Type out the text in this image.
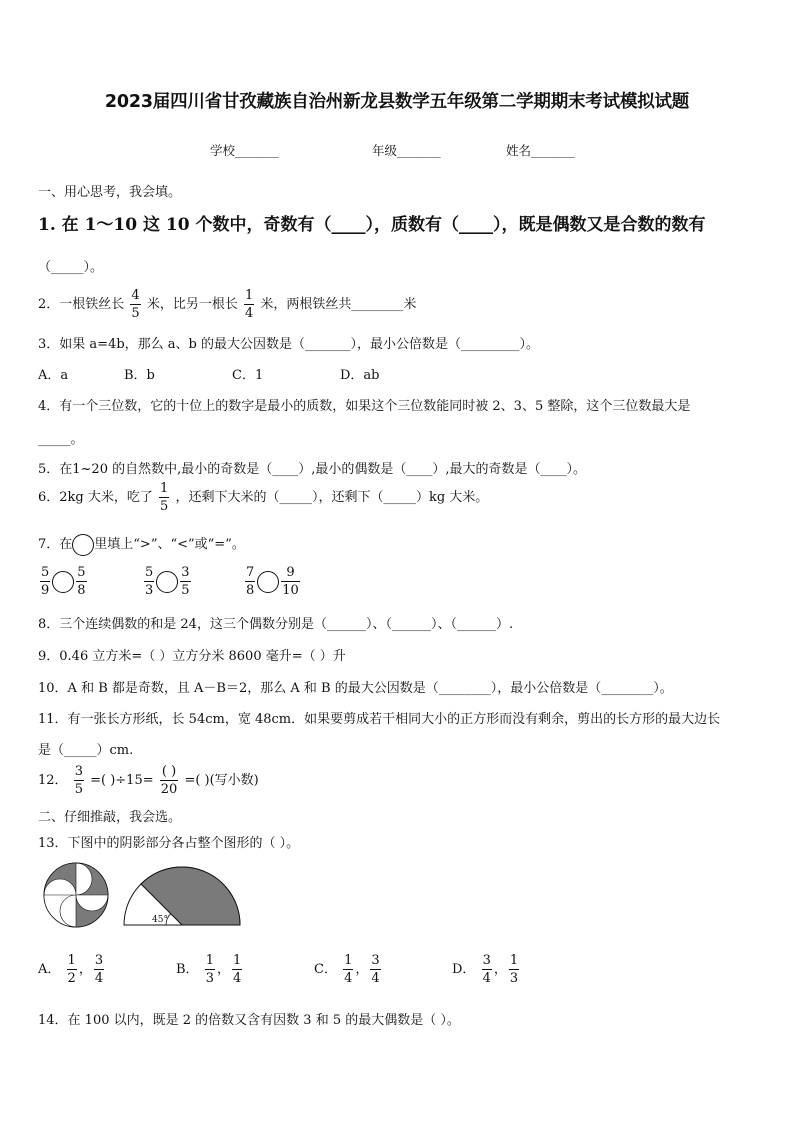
2023届四川省甘孜藏族自治州新龙县数学五年级第二学期期末考试模拟试题
学校_______	年级_______	姓名_______
一、用心思考，我会填。
1. 在 1～10 这 10 个数中，奇数有（____），质数有（____），既是偶数又是合数的数有
（_____）。
2．一根铁丝长 $\frac{4}{5}$ 米，比另一根长 $\frac{1}{4}$ 米，两根铁丝共________米
3．如果 a=4b，那么 a、b 的最大公因数是（_______），最小公倍数是（_________）。
A．a	B．b	C．1	D．ab
4．有一个三位数，它的十位上的数字是最小的质数，如果这个三位数能同时被 2、3、5 整除，这个三位数最大是
_____。
5．在1~20 的自然数中,最小的奇数是（____）,最小的偶数是（____）,最大的奇数是（____）。
6．2kg 大米，吃了 $\frac{1}{5}$ ，还剩下大米的（_____），还剩下（_____）kg 大米。
7．在 里填上“>”、“<”或“=”。
$\frac{5}{9} \frac{5}{8}$	$\frac{5}{3} \frac{3}{5}$	$\frac{7}{8} \frac{9}{10}$
8．三个连续偶数的和是 24，这三个偶数分别是（______）、（______）、（______）.
9．0.46 立方米=（ ）立方分米 8600 毫升=（ ）升
10．A 和 B 都是奇数，且 A－B＝2，那么 A 和 B 的最大公因数是（________），最小公倍数是（________）。
11．有一张长方形纸，长 54cm，宽 48cm．如果要剪成若干相同大小的正方形而没有剩余，剪出的长方形的最大边长
是（_____）cm.
12． $\frac{3}{5}$ =( )$\div 15= \frac{( )}{20}$ =( )(写小数)
二、仔细推敲，我会选。
13．下图中的阴影部分各占整个图形的（ ）。
45°
A． $\frac{1}{2}$ ， $\frac{3}{4}$	B． $\frac{1}{3}$ ， $\frac{1}{4}$	C． $\frac{1}{4}$ ， $\frac{3}{4}$	D． $\frac{3}{4}$ ， $\frac{1}{3}$
14．在 100 以内，既是 2 的倍数又含有因数 3 和 5 的最大偶数是（ ）。
